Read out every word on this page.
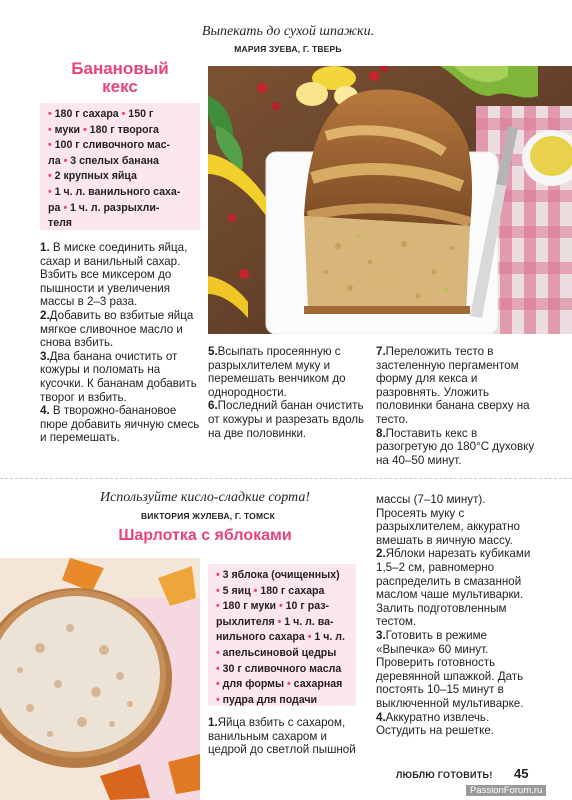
Выпекать до сухой шпажки.
МАРИЯ ЗУЕВА, Г. ТВЕРЬ
Банановый
кекс
• 180 г сахара • 150 г
• муки • 180 г творога
• 100 г сливочного мас-
ла • 3 спелых банана
• 2 крупных яйца
• 1 ч. л. ванильного саха-
ра • 1 ч. л. разрыхли-
теля

1. В миске соединить яйца, сахар и ванильный сахар. Взбить все миксером до пышности и увеличения массы в 2–3 раза.

2.Добавить во взбитые яйца мягкое сливочное масло и снова взбить.

3.Два банана очистить от кожуры и поломать на кусочки. К бананам добавить творог и взбить.

4. В творожно-банановое пюре добавить яичную смесь и перемешать.

5.Всыпать просеянную с разрыхлителем муку и перемешать венчиком до однородности.

6.Последний банан очистить от кожуры и разрезать вдоль на две половинки.

7.Переложить тесто в застеленную пергаментом форму для кекса и разровнять. Уложить половинки банана сверху на тесто.

8.Поставить кекс в разогретую до 180°С духовку на 40–50 минут.

Используйте кисло-сладкие сорта!
ВИКТОРИЯ ЖУЛЕВА, Г. ТОМСК
Шарлотка с яблоками
• 3 яблока (очищенных)
• 5 яиц • 180 г сахара
• 180 г муки • 10 г раз-
рыхлителя • 1 ч. л. ва-
нильного сахара • 1 ч. л.
• апельсиновой цедры
• 30 г сливочного масла
• для формы • сахарная
• пудра для подачи

1.Яйца взбить с сахаром, ванильным сахаром и цедрой до светлой пышной

массы (7–10 минут). Просеять муку с разрыхлителем, аккуратно вмешать в яичную массу.

2.Яблоки нарезать кубиками 1,5–2 см, равномерно распределить в смазанной маслом чаше мультиварки. Залить подготовленным тестом.

3.Готовить в режиме «Выпечка» 60 минут. Проверить готовность деревянной шпажкой. Дать постоять 10–15 минут в выключенной мультиварке.

4.Аккуратно извлечь. Остудить на решетке.

ЛЮБЛЮ ГОТОВИТЬ! 45
PassionForum.ru
